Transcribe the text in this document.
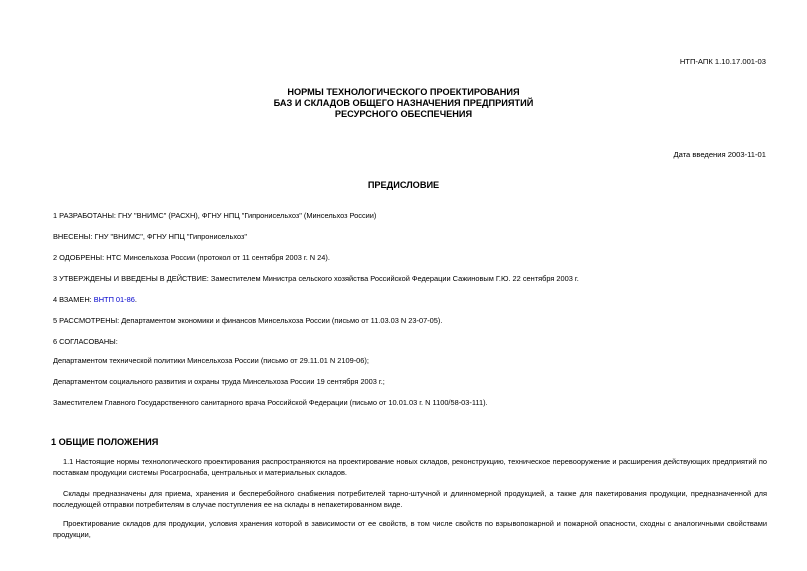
НТП-АПК 1.10.17.001-03
НОРМЫ ТЕХНОЛОГИЧЕСКОГО ПРОЕКТИРОВАНИЯ
БАЗ И СКЛАДОВ ОБЩЕГО НАЗНАЧЕНИЯ ПРЕДПРИЯТИЙ
РЕСУРСНОГО ОБЕСПЕЧЕНИЯ
Дата введения 2003-11-01
ПРЕДИСЛОВИЕ
1 РАЗРАБОТАНЫ: ГНУ "ВНИМС" (РАСХН), ФГНУ НПЦ "Гипронисельхоз" (Минсельхоз России)
ВНЕСЕНЫ: ГНУ "ВНИМС", ФГНУ НПЦ "Гипронисельхоз"
2 ОДОБРЕНЫ: НТС Минсельхоза России (протокол от 11 сентября 2003 г. N 24).
3 УТВЕРЖДЕНЫ И ВВЕДЕНЫ В ДЕЙСТВИЕ: Заместителем Министра сельского хозяйства Российской Федерации Сажиновым Г.Ю. 22 сентября 2003 г.
4 ВЗАМЕН: ВНТП 01-86.
5 РАССМОТРЕНЫ: Департаментом экономики и финансов Минсельхоза России (письмо от 11.03.03 N 23-07-05).
6 СОГЛАСОВАНЫ:
Департаментом технической политики Минсельхоза России (письмо от 29.11.01 N 2109-06);
Департаментом социального развития и охраны труда Минсельхоза России 19 сентября 2003 г.;
Заместителем Главного Государственного санитарного врача Российской Федерации (письмо от 10.01.03 г. N 1100/58-03-111).
1 ОБЩИЕ ПОЛОЖЕНИЯ
1.1 Настоящие нормы технологического проектирования распространяются на проектирование новых складов, реконструкцию, техническое перевооружение и расширения действующих предприятий по поставкам продукции системы Росагроснаба, центральных и материальных складов.
Склады предназначены для приема, хранения и бесперебойного снабжения потребителей тарно-штучной и длинномерной продукцией, а также для пакетирования продукции, предназначенной для последующей отправки потребителям в случае поступления ее на склады в непакетированном виде.
Проектирование складов для продукции, условия хранения которой в зависимости от ее свойств, в том числе свойств по взрывопожарной и пожарной опасности, сходны с аналогичными свойствами продукции,
